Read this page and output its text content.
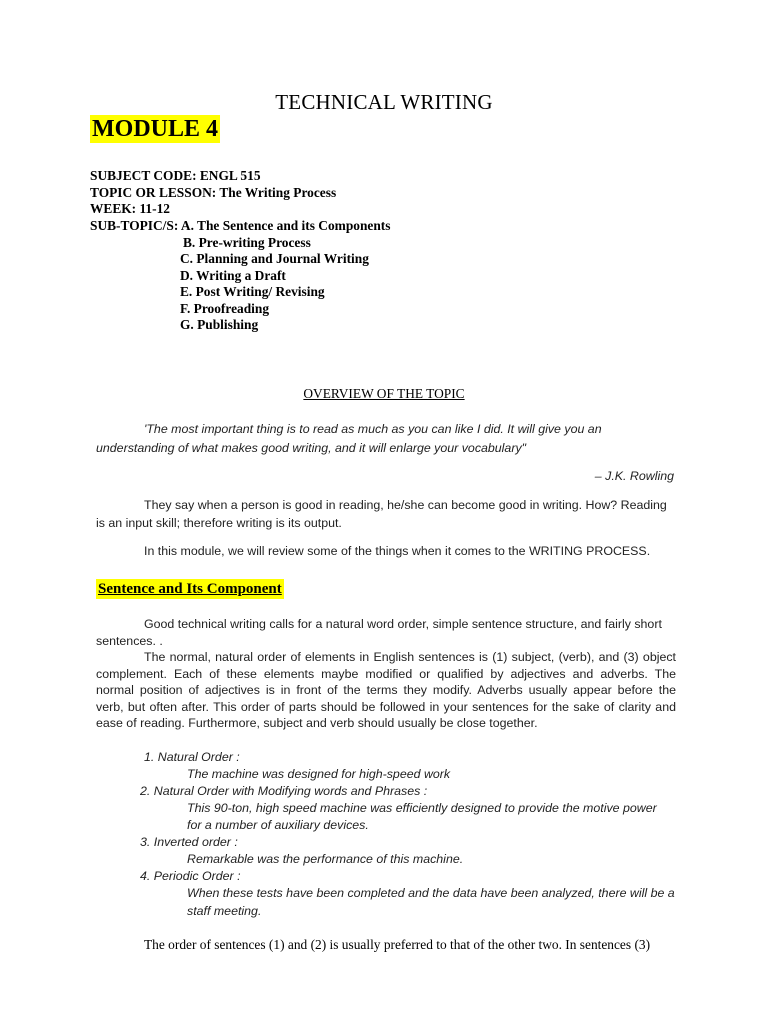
TECHNICAL WRITING
MODULE 4
SUBJECT CODE: ENGL 515
TOPIC OR LESSON: The Writing Process
WEEK: 11-12
SUB-TOPIC/S: A. The Sentence and its Components
B. Pre-writing Process
C. Planning and Journal Writing
D. Writing a Draft
E. Post Writing/ Revising
F. Proofreading
G. Publishing
OVERVIEW OF THE TOPIC
'The most important thing is to read as much as you can like I did. It will give you an
understanding of what makes good writing, and it will enlarge your vocabulary"
– J.K. Rowling
They say when a person is good in reading, he/she can become good in writing. How? Reading
is an input skill; therefore writing is its output.
In this module, we will review some of the things when it comes to the WRITING PROCESS.
Sentence and Its Component
Good technical writing calls for a natural word order, simple sentence structure, and fairly short
sentences. .
The normal, natural order of elements in English sentences is (1) subject, (verb), and (3) object
complement. Each of these elements maybe modified or qualified by adjectives and adverbs. The
normal position of adjectives is in front of the terms they modify. Adverbs usually appear before the
verb, but often after. This order of parts should be followed in your sentences for the sake of clarity and
ease of reading. Furthermore, subject and verb should usually be close together.
1. Natural Order :
The machine was designed for high-speed work
2. Natural Order with Modifying words and Phrases :
This 90-ton, high speed machine was efficiently designed to provide the motive power
for a number of auxiliary devices.
3. Inverted order :
Remarkable was the performance of this machine.
4. Periodic Order :
When these tests have been completed and the data have been analyzed, there will be a
staff meeting.
The order of sentences (1) and (2) is usually preferred to that of the other two. In sentences (3)
